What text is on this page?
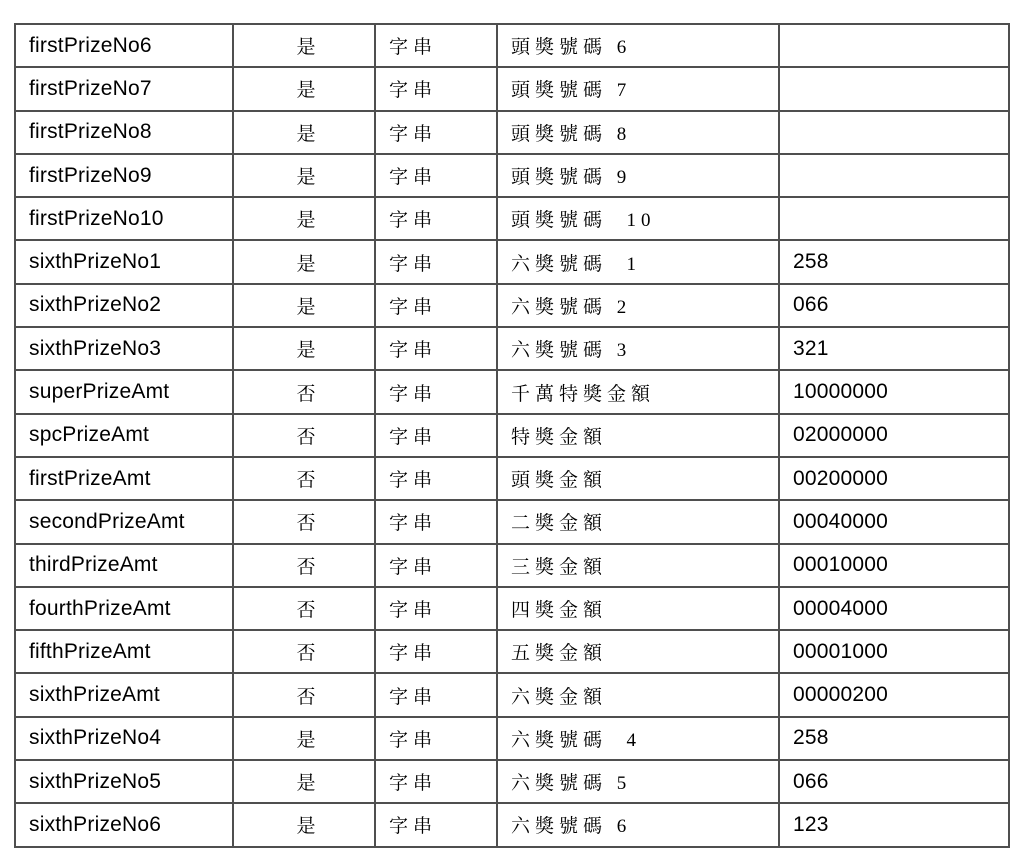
firstPrizeNo6	是	字串	頭獎號碼 6	
firstPrizeNo7	是	字串	頭獎號碼 7	
firstPrizeNo8	是	字串	頭獎號碼 8	
firstPrizeNo9	是	字串	頭獎號碼 9	
firstPrizeNo10	是	字串	頭獎號碼  10	
sixthPrizeNo1	是	字串	六獎號碼  1	258
sixthPrizeNo2	是	字串	六獎號碼 2	066
sixthPrizeNo3	是	字串	六獎號碼 3	321
superPrizeAmt	否	字串	千萬特獎金額	10000000
spcPrizeAmt	否	字串	特獎金額	02000000
firstPrizeAmt	否	字串	頭獎金額	00200000
secondPrizeAmt	否	字串	二獎金額	00040000
thirdPrizeAmt	否	字串	三獎金額	00010000
fourthPrizeAmt	否	字串	四獎金額	00004000
fifthPrizeAmt	否	字串	五獎金額	00001000
sixthPrizeAmt	否	字串	六獎金額	00000200
sixthPrizeNo4	是	字串	六獎號碼  4	258
sixthPrizeNo5	是	字串	六獎號碼 5	066
sixthPrizeNo6	是	字串	六獎號碼 6	123
